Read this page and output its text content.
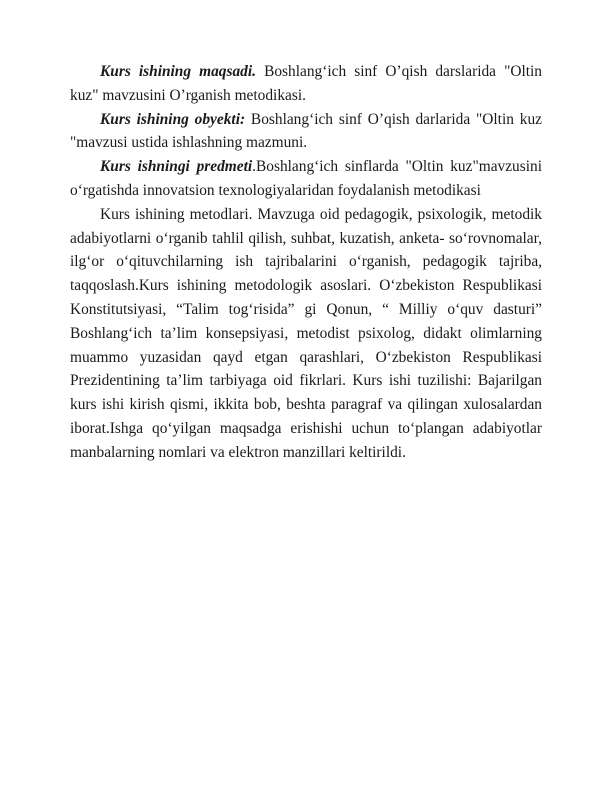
Kurs ishining maqsadi. Boshlang‘ich sinf O’qish darslarida "Oltin kuz" mavzusini O’rganish metodikasi.

Kurs ishining obyekti: Boshlang‘ich sinf O’qish darlarida "Oltin kuz "mavzusi ustida ishlashning mazmuni.

Kurs ishningi predmeti.Boshlang‘ich sinflarda "Oltin kuz"mavzusini o‘rgatishda innovatsion texnologiyalaridan foydalanish metodikasi

Kurs ishining metodlari. Mavzuga oid pedagogik, psixologik, metodik adabiyotlarni o‘rganib tahlil qilish, suhbat, kuzatish, anketa- so‘rovnomalar, ilg‘or o‘qituvchilarning ish tajribalarini o‘rganish, pedagogik tajriba, taqqoslash.Kurs ishining metodologik asoslari. O‘zbekiston Respublikasi Konstitutsiyasi, “Talim tog‘risida” gi Qonun, “ Milliy o‘quv dasturi” Boshlang‘ich ta’lim konsepsiyasi, metodist psixolog, didakt olimlarning muammo yuzasidan qayd etgan qarashlari, O‘zbekiston Respublikasi Prezidentining ta’lim tarbiyaga oid fikrlari. Kurs ishi tuzilishi: Bajarilgan kurs ishi kirish qismi, ikkita bob, beshta paragraf va qilingan xulosalardan iborat.Ishga qo‘yilgan maqsadga erishishi uchun to‘plangan adabiyotlar manbalarning nomlari va elektron manzillari keltirildi.
